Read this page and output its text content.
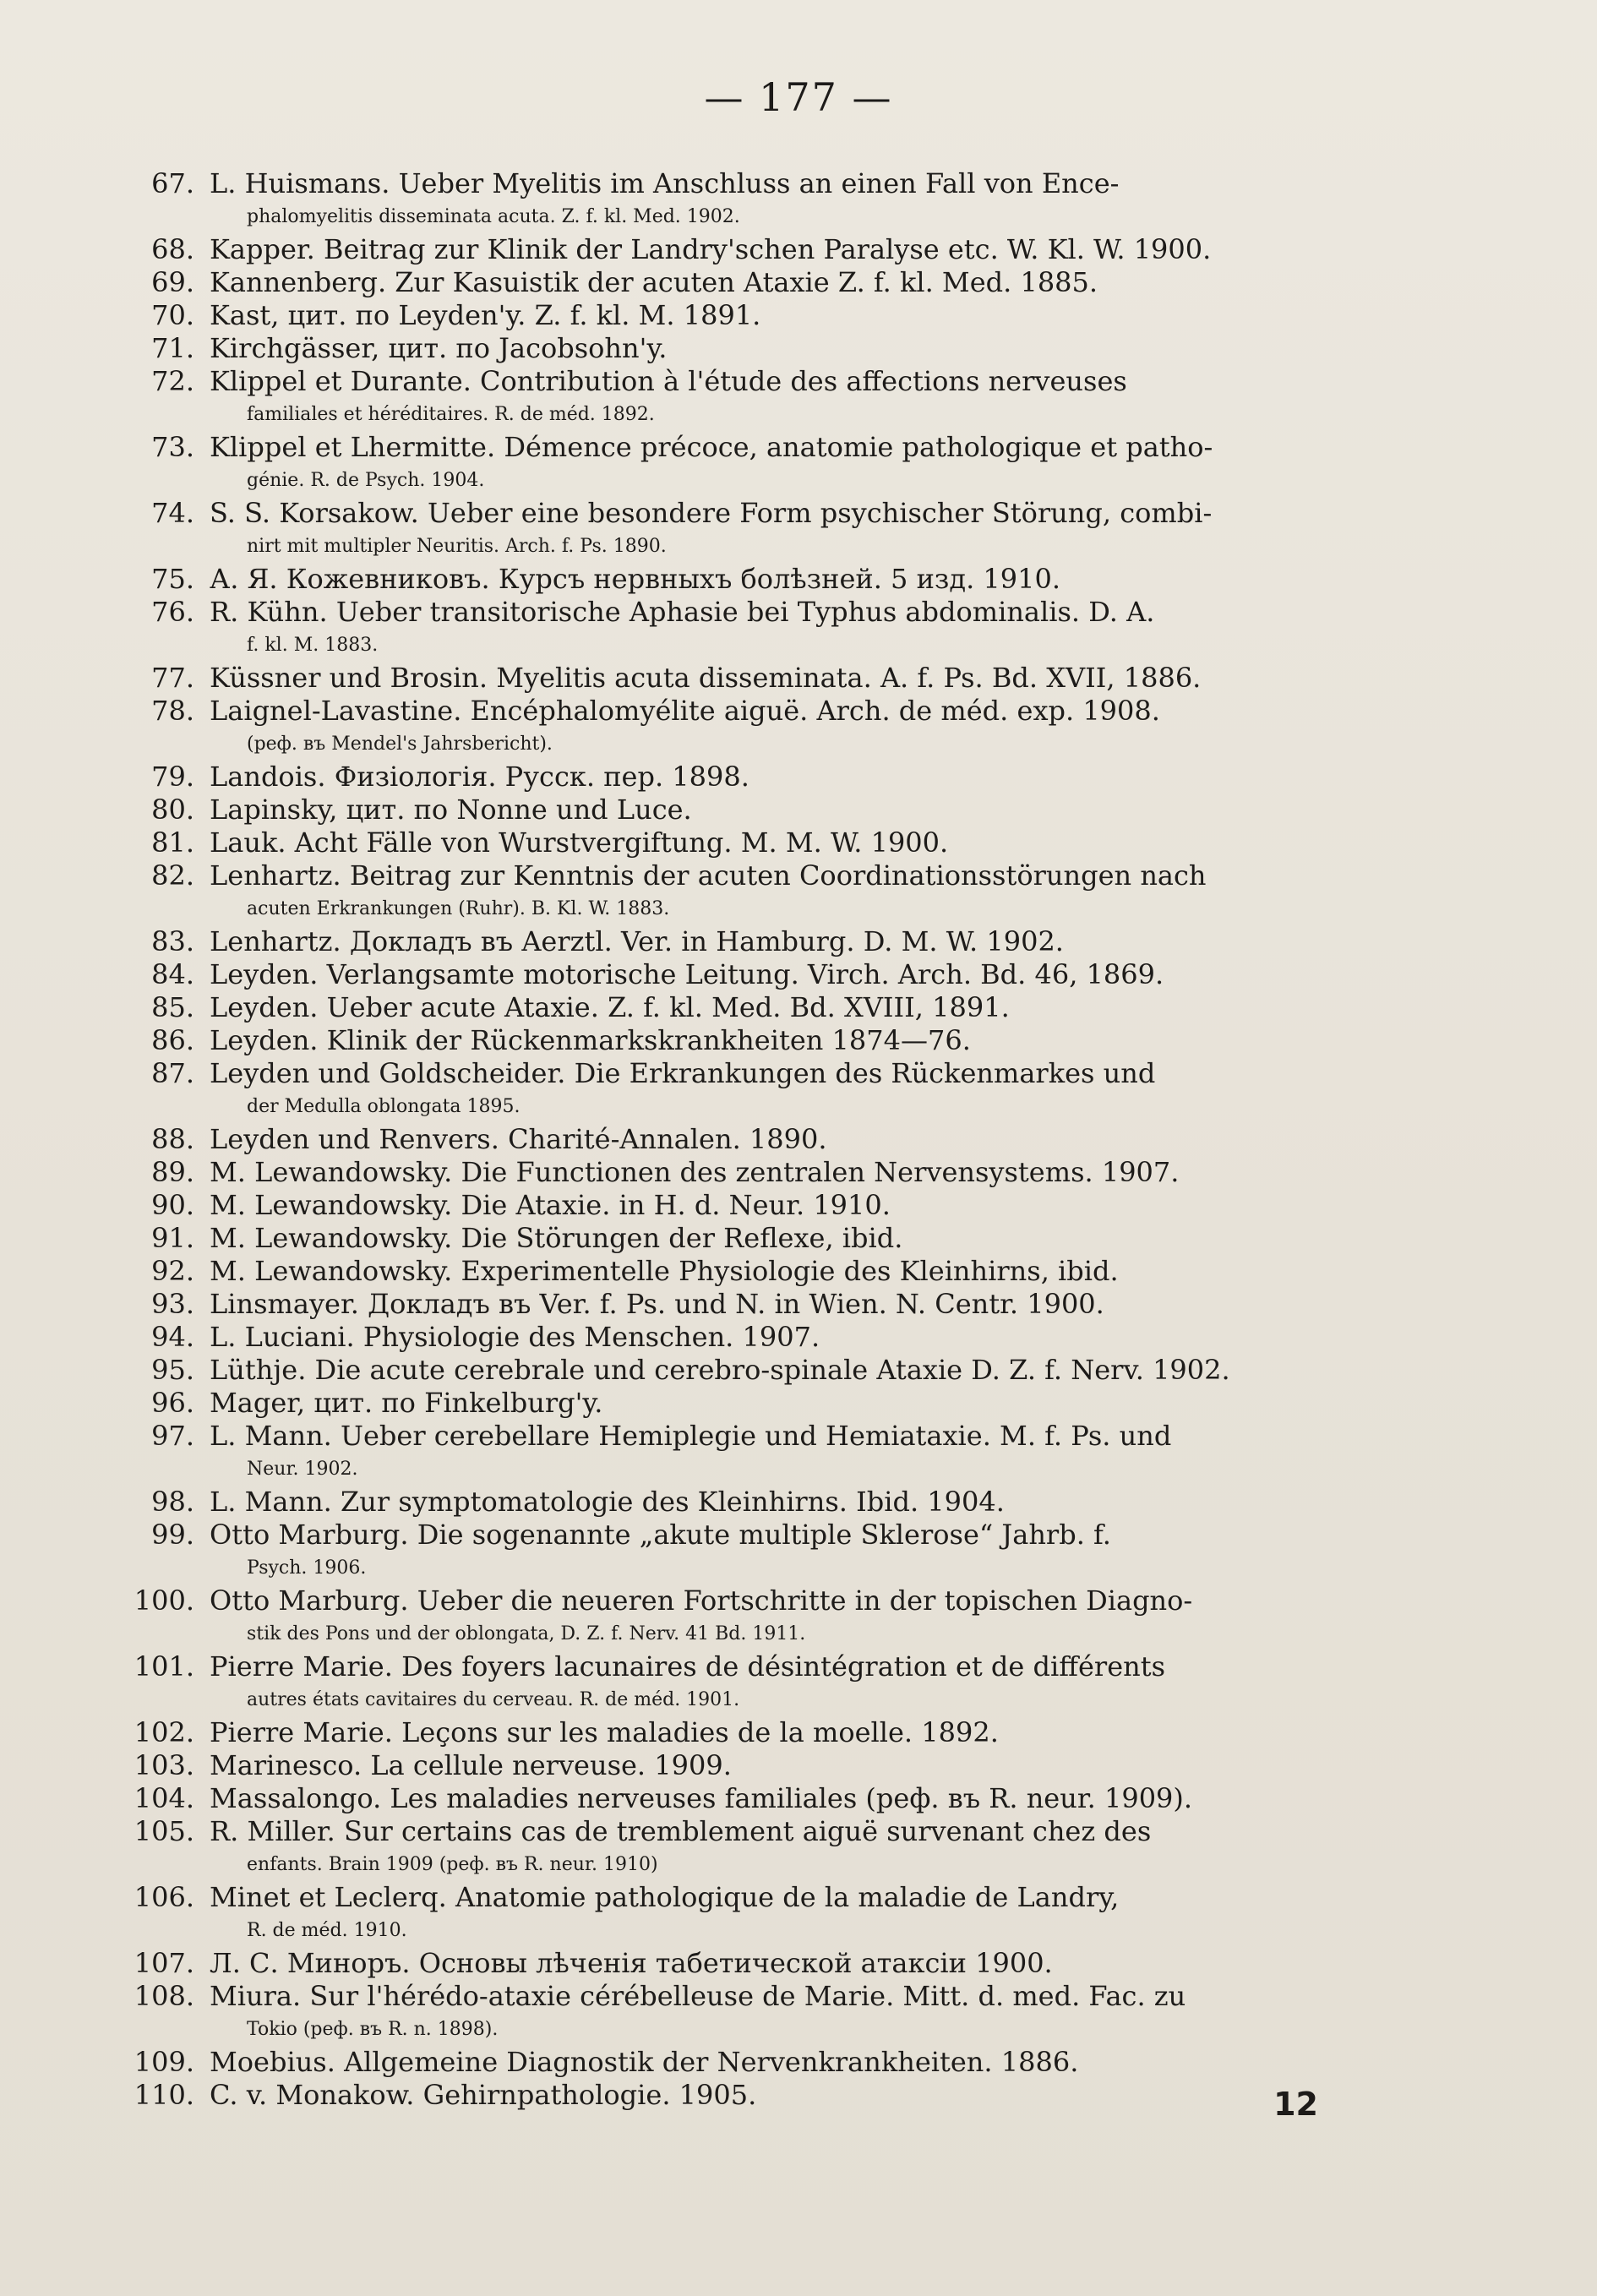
— 177 —
67. L. Huismans. Ueber Myelitis im Anschluss an einen Fall von Ence-
phalomyelitis disseminata acuta. Z. f. kl. Med. 1902.
68. Kapper. Beitrag zur Klinik der Landry'schen Paralyse etc. W. Kl. W. 1900.
69. Kannenberg. Zur Kasuistik der acuten Ataxie Z. f. kl. Med. 1885.
70. Kast, цит. по Leyden'y. Z. f. kl. M. 1891.
71. Kirchgässer, цит. по Jacobsohn'y.
72. Klippel et Durante. Contribution à l'étude des affections nerveuses
familiales et héréditaires. R. de méd. 1892.
73. Klippel et Lhermitte. Démence précoce, anatomie pathologique et patho-
génie. R. de Psych. 1904.
74. S. S. Korsakow. Ueber eine besondere Form psychischer Störung, combi-
nirt mit multipler Neuritis. Arch. f. Ps. 1890.
75. А. Я. Кожевниковъ. Курсъ нервныхъ болѣзней. 5 изд. 1910.
76. R. Kühn. Ueber transitorische Aphasie bei Typhus abdominalis. D. A.
f. kl. M. 1883.
77. Küssner und Brosin. Myelitis acuta disseminata. A. f. Ps. Bd. XVII, 1886.
78. Laignel-Lavastine. Encéphalomyélite aiguë. Arch. de méd. exp. 1908.
(реф. въ Mendel's Jahrsbericht).
79. Landois. Физіологія. Русск. пер. 1898.
80. Lapinsky, цит. по Nonne und Luce.
81. Lauk. Acht Fälle von Wurstvergiftung. M. M. W. 1900.
82. Lenhartz. Beitrag zur Kenntnis der acuten Coordinationsstörungen nach
acuten Erkrankungen (Ruhr). B. Kl. W. 1883.
83. Lenhartz. Докладъ въ Aerztl. Ver. in Hamburg. D. M. W. 1902.
84. Leyden. Verlangsamte motorische Leitung. Virch. Arch. Bd. 46, 1869.
85. Leyden. Ueber acute Ataxie. Z. f. kl. Med. Bd. XVIII, 1891.
86. Leyden. Klinik der Rückenmarkskrankheiten 1874—76.
87. Leyden und Goldscheider. Die Erkrankungen des Rückenmarkes und
der Medulla oblongata 1895.
88. Leyden und Renvers. Charité-Annalen. 1890.
89. M. Lewandowsky. Die Functionen des zentralen Nervensystems. 1907.
90. M. Lewandowsky. Die Ataxie. in H. d. Neur. 1910.
91. M. Lewandowsky. Die Störungen der Reflexe, ibid.
92. M. Lewandowsky. Experimentelle Physiologie des Kleinhirns, ibid.
93. Linsmayer. Докладъ въ Ver. f. Ps. und N. in Wien. N. Centr. 1900.
94. L. Luciani. Physiologie des Menschen. 1907.
95. Lüthje. Die acute cerebrale und cerebro-spinale Ataxie D. Z. f. Nerv. 1902.
96. Mager, цит. по Finkelburg'y.
97. L. Mann. Ueber cerebellare Hemiplegie und Hemiataxie. M. f. Ps. und
Neur. 1902.
98. L. Mann. Zur symptomatologie des Kleinhirns. Ibid. 1904.
99. Otto Marburg. Die sogenannte „akute multiple Sklerose“ Jahrb. f.
Psych. 1906.
100. Otto Marburg. Ueber die neueren Fortschritte in der topischen Diagno-
stik des Pons und der oblongata, D. Z. f. Nerv. 41 Bd. 1911.
101. Pierre Marie. Des foyers lacunaires de désintégration et de différents
autres états cavitaires du cerveau. R. de méd. 1901.
102. Pierre Marie. Leçons sur les maladies de la moelle. 1892.
103. Marinesco. La cellule nerveuse. 1909.
104. Massalongo. Les maladies nerveuses familiales (реф. въ R. neur. 1909).
105. R. Miller. Sur certains cas de tremblement aiguë survenant chez des
enfants. Brain 1909 (реф. въ R. neur. 1910)
106. Minet et Leclerq. Anatomie pathologique de la maladie de Landry,
R. de méd. 1910.
107. Л. С. Миноръ. Основы лѣченія табетической атаксіи 1900.
108. Miura. Sur l'hérédo-ataxie cérébelleuse de Marie. Mitt. d. med. Fac. zu
Tokio (реф. въ R. n. 1898).
109. Moebius. Allgemeine Diagnostik der Nervenkrankheiten. 1886.
110. C. v. Monakow. Gehirnpathologie. 1905.	12
